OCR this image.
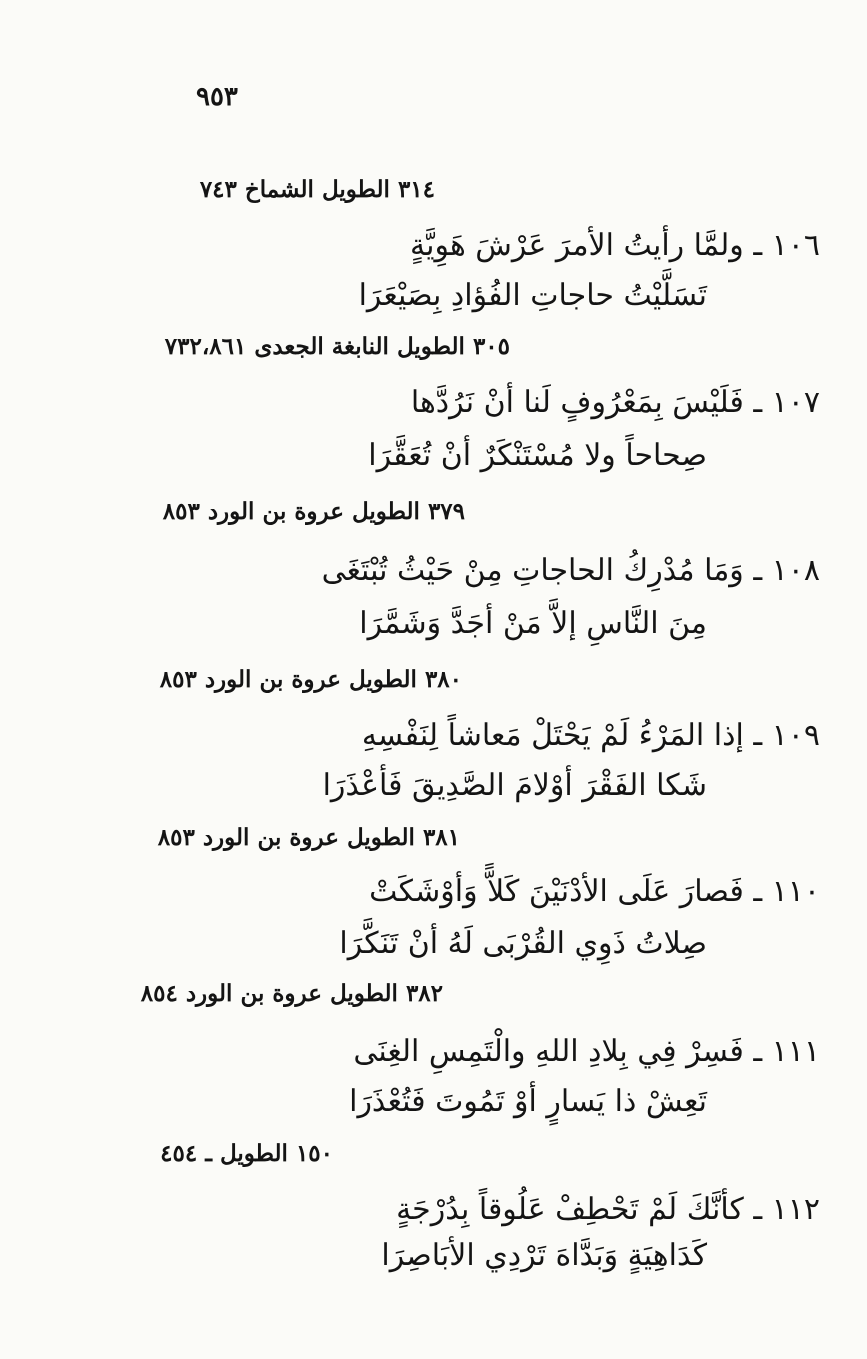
٩٥٣
٣١٤ الطويل الشماخ ٧٤٣
١٠٦ ـ ولمَّا رأيتُ الأمرَ عَرْشَ هَوِيَّةٍ
تَسَلَّيْتُ حاجاتِ الفُؤادِ بِصَيْعَرَا
٣٠٥ الطويل النابغة الجعدى ٧٣٢،٨٦١
١٠٧ ـ فَلَيْسَ بِمَعْرُوفٍ لَنا أنْ نَرُدَّها
صِحاحاً ولا مُسْتَنْكَرٌ أنْ تُعَقَّرَا
٣٧٩ الطويل عروة بن الورد ٨٥٣
١٠٨ ـ وَمَا مُدْرِكُ الحاجاتِ مِنْ حَيْثُ تُبْتَغَى
مِنَ النَّاسِ إلاَّ مَنْ أجَدَّ وَشَمَّرَا
٣٨٠ الطويل عروة بن الورد ٨٥٣
١٠٩ ـ إذا المَرْءُ لَمْ يَحْتَلْ مَعاشاً لِنَفْسِهِ
شَكا الفَقْرَ أوْلامَ الصَّدِيقَ فَأعْذَرَا
٣٨١ الطويل عروة بن الورد ٨٥٣
١١٠ ـ فَصارَ عَلَى الأدْنَيْنَ كَلاًّ وَأوْشَكَتْ
صِلاتُ ذَوِي القُرْبَى لَهُ أنْ تَنَكَّرَا
٣٨٢ الطويل عروة بن الورد ٨٥٤
١١١ ـ فَسِرْ فِي بِلادِ اللهِ والْتَمِسِ الغِنَى
تَعِشْ ذا يَسارٍ أوْ تَمُوتَ فَتُعْذَرَا
١٥٠ الطويل ـ ٤٥٤
١١٢ ـ كأنَّكَ لَمْ تَحْطِفْ عَلُوقاً بِدُرْجَةٍ
كَدَاهِيَةٍ وَبَدَّاهَ تَرْدِي الأبَاصِرَا
